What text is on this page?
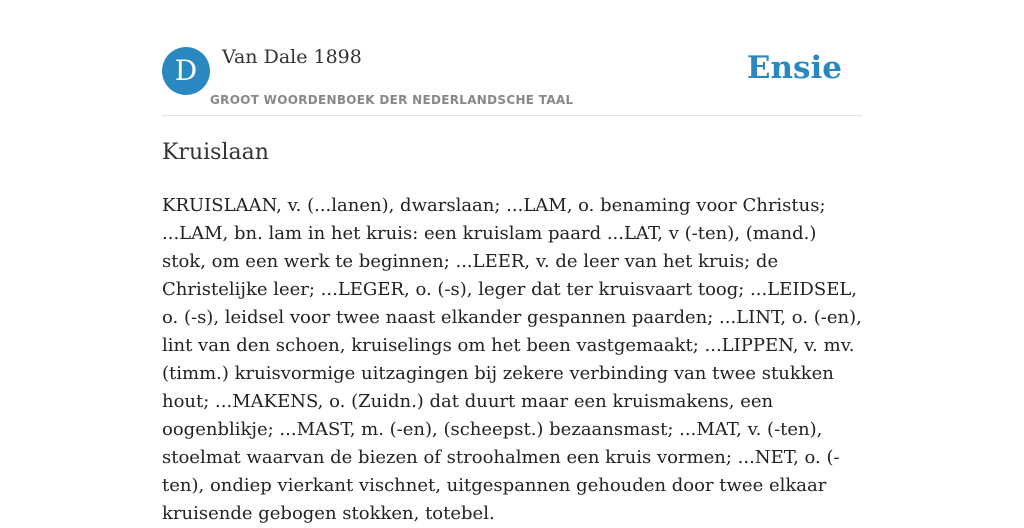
D	Van Dale 1898
GROOT WOORDENBOEK DER NEDERLANDSCHE TAAL
Ensie
Kruislaan

KRUISLAAN, v. (...lanen), dwarslaan; ...LAM, o. benaming voor Christus; ...LAM, bn. lam in het kruis: een kruislam paard ...LAT, v (-ten), (mand.) stok, om een werk te beginnen; ...LEER, v. de leer van het kruis; de Christelijke leer; ...LEGER, o. (-s), leger dat ter kruisvaart toog; ...LEIDSEL, o. (-s), leidsel voor twee naast elkander gespannen paarden; ...LINT, o. (-en), lint van den schoen, kruiselings om het been vastgemaakt; ...LIPPEN, v. mv. (timm.) kruisvormige uitzagingen bij zekere verbinding van twee stukken hout; ...MAKENS, o. (Zuidn.) dat duurt maar een kruismakens, een oogenblikje; ...MAST, m. (-en), (scheepst.) bezaansmast; ...MAT, v. (-ten), stoelmat waarvan de biezen of stroohalmen een kruis vormen; ...NET, o. (-ten), ondiep vierkant vischnet, uitgespannen gehouden door twee elkaar kruisende gebogen stokken, totebel.
